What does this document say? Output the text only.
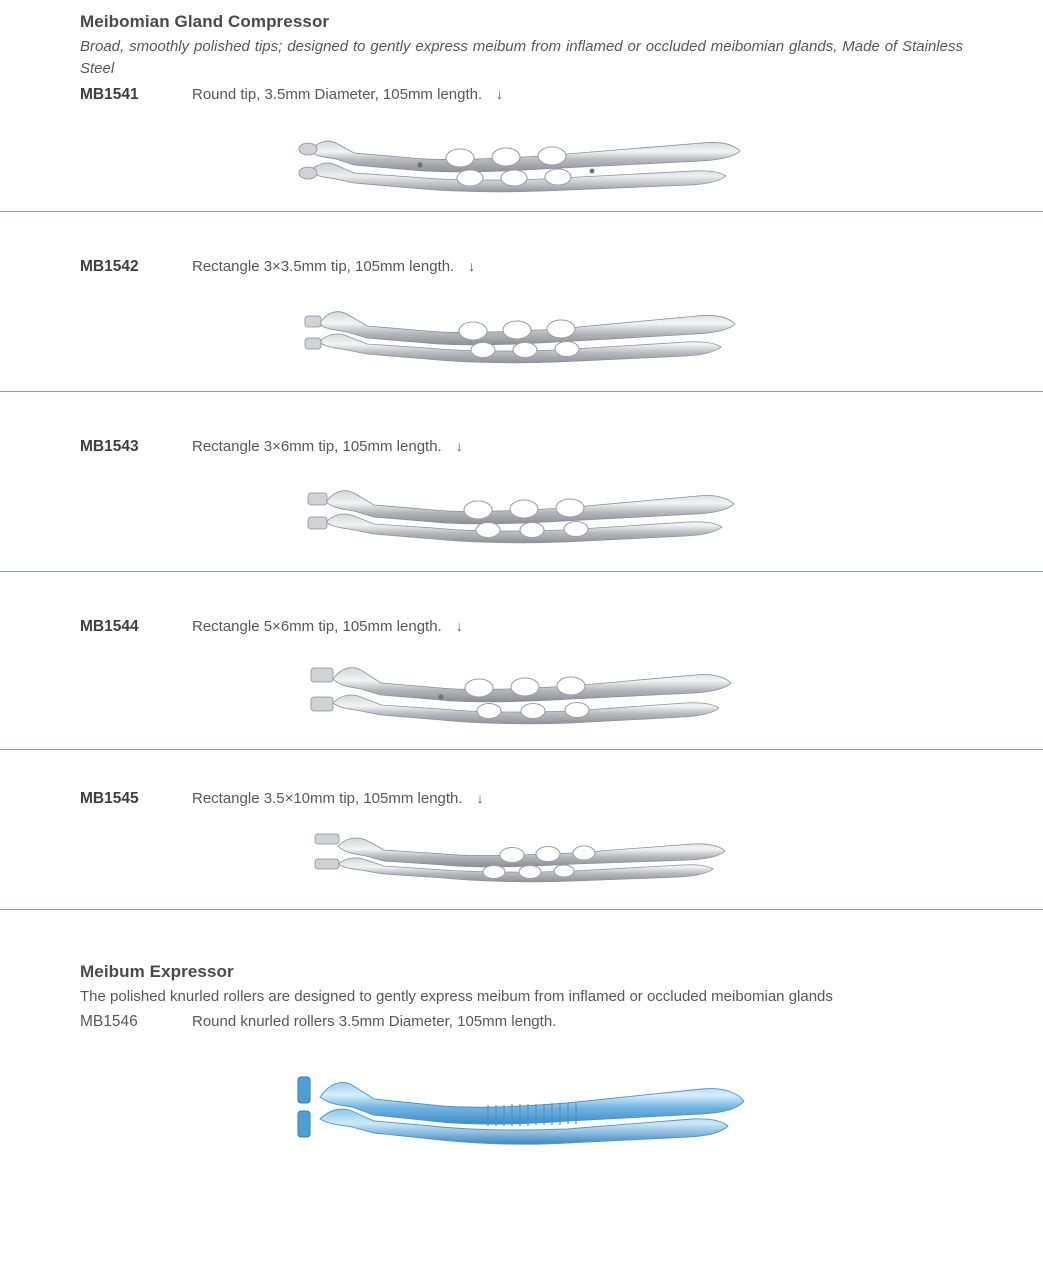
Meibomian Gland Compressor

Broad, smoothly polished tips; designed to gently express meibum from inflamed or occluded meibomian glands, Made of Stainless Steel

MB1541	Round tip, 3.5mm Diameter, 105mm length. ↓
MB1542	Rectangle 3×3.5mm tip, 105mm length. ↓
MB1543	Rectangle 3×6mm tip, 105mm length. ↓
MB1544	Rectangle 5×6mm tip, 105mm length. ↓
MB1545	Rectangle 3.5×10mm tip, 105mm length. ↓
Meibum Expressor

The polished knurled rollers are designed to gently express meibum from inflamed or occluded meibomian glands

MB1546	Round knurled rollers 3.5mm Diameter, 105mm length.
